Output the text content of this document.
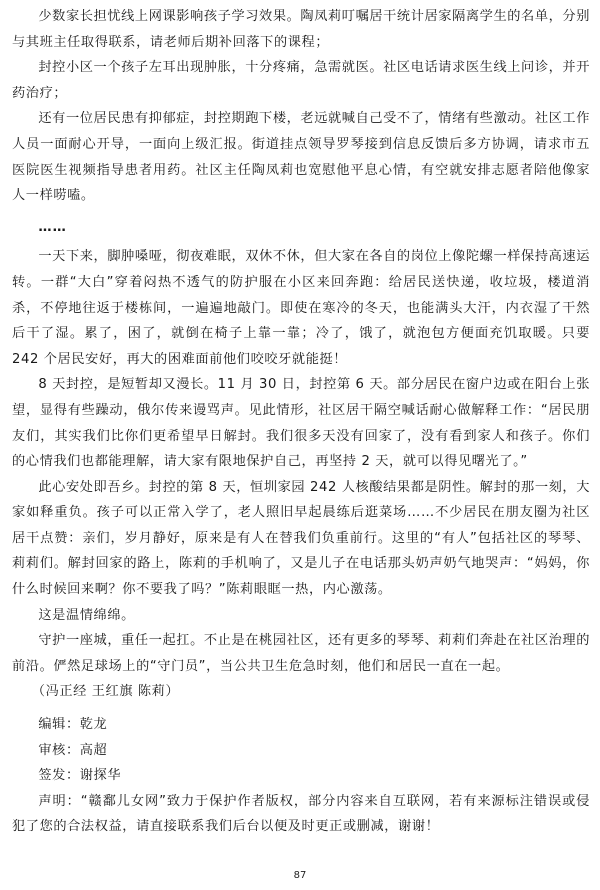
少数家长担忧线上网课影响孩子学习效果。陶凤莉叮嘱居干统计居家隔离学生的名单，分别与其班主任取得联系，请老师后期补回落下的课程；

封控小区一个孩子左耳出现肿胀，十分疼痛，急需就医。社区电话请求医生线上问诊，并开药治疗；

还有一位居民患有抑郁症，封控期跑下楼，老远就喊自己受不了，情绪有些激动。社区工作人员一面耐心开导，一面向上级汇报。街道挂点领导罗琴接到信息反馈后多方协调，请求市五医院医生视频指导患者用药。社区主任陶凤莉也宽慰他平息心情，有空就安排志愿者陪他像家人一样唠嗑。

……

一天下来，脚肿嗓哑，彻夜难眠，双休不休，但大家在各自的岗位上像陀螺一样保持高速运转。一群“大白”穿着闷热不透气的防护服在小区来回奔跑：给居民送快递，收垃圾，楼道消杀，不停地往返于楼栋间，一遍遍地敲门。即使在寒冷的冬天，也能满头大汗，内衣湿了干然后干了湿。累了，困了，就倒在椅子上靠一靠；冷了，饿了，就泡包方便面充饥取暖。只要 242 个居民安好，再大的困难面前他们咬咬牙就能挺！

8 天封控，是短暂却又漫长。11 月 30 日，封控第 6 天。部分居民在窗户边或在阳台上张望，显得有些躁动，俄尔传来谩骂声。见此情形，社区居干隔空喊话耐心做解释工作：“居民朋友们，其实我们比你们更希望早日解封。我们很多天没有回家了，没有看到家人和孩子。你们的心情我们也都能理解，请大家有限地保护自己，再坚持 2 天，就可以得见曙光了。”

此心安处即吾乡。封控的第 8 天，恒圳家园 242 人核酸结果都是阴性。解封的那一刻，大家如释重负。孩子可以正常入学了，老人照旧早起晨练后逛菜场……不少居民在朋友圈为社区居干点赞：亲们，岁月静好，原来是有人在替我们负重前行。这里的“有人”包括社区的琴琴、莉莉们。解封回家的路上，陈莉的手机响了，又是儿子在电话那头奶声奶气地哭声：“妈妈，你什么时候回来啊？你不要我了吗？”陈莉眼眶一热，内心激荡。

这是温情绵绵。

守护一座城，重任一起扛。不止是在桃园社区，还有更多的琴琴、莉莉们奔赴在社区治理的前沿。俨然足球场上的“守门员”，当公共卫生危急时刻，他们和居民一直在一起。

（冯正经 王红旗 陈莉）

编辑：乾龙

审核：高超

签发：谢探华

声明：“赣鄱儿女网”致力于保护作者版权，部分内容来自互联网，若有来源标注错误或侵犯了您的合法权益，请直接联系我们后台以便及时更正或删减，谢谢！

87
